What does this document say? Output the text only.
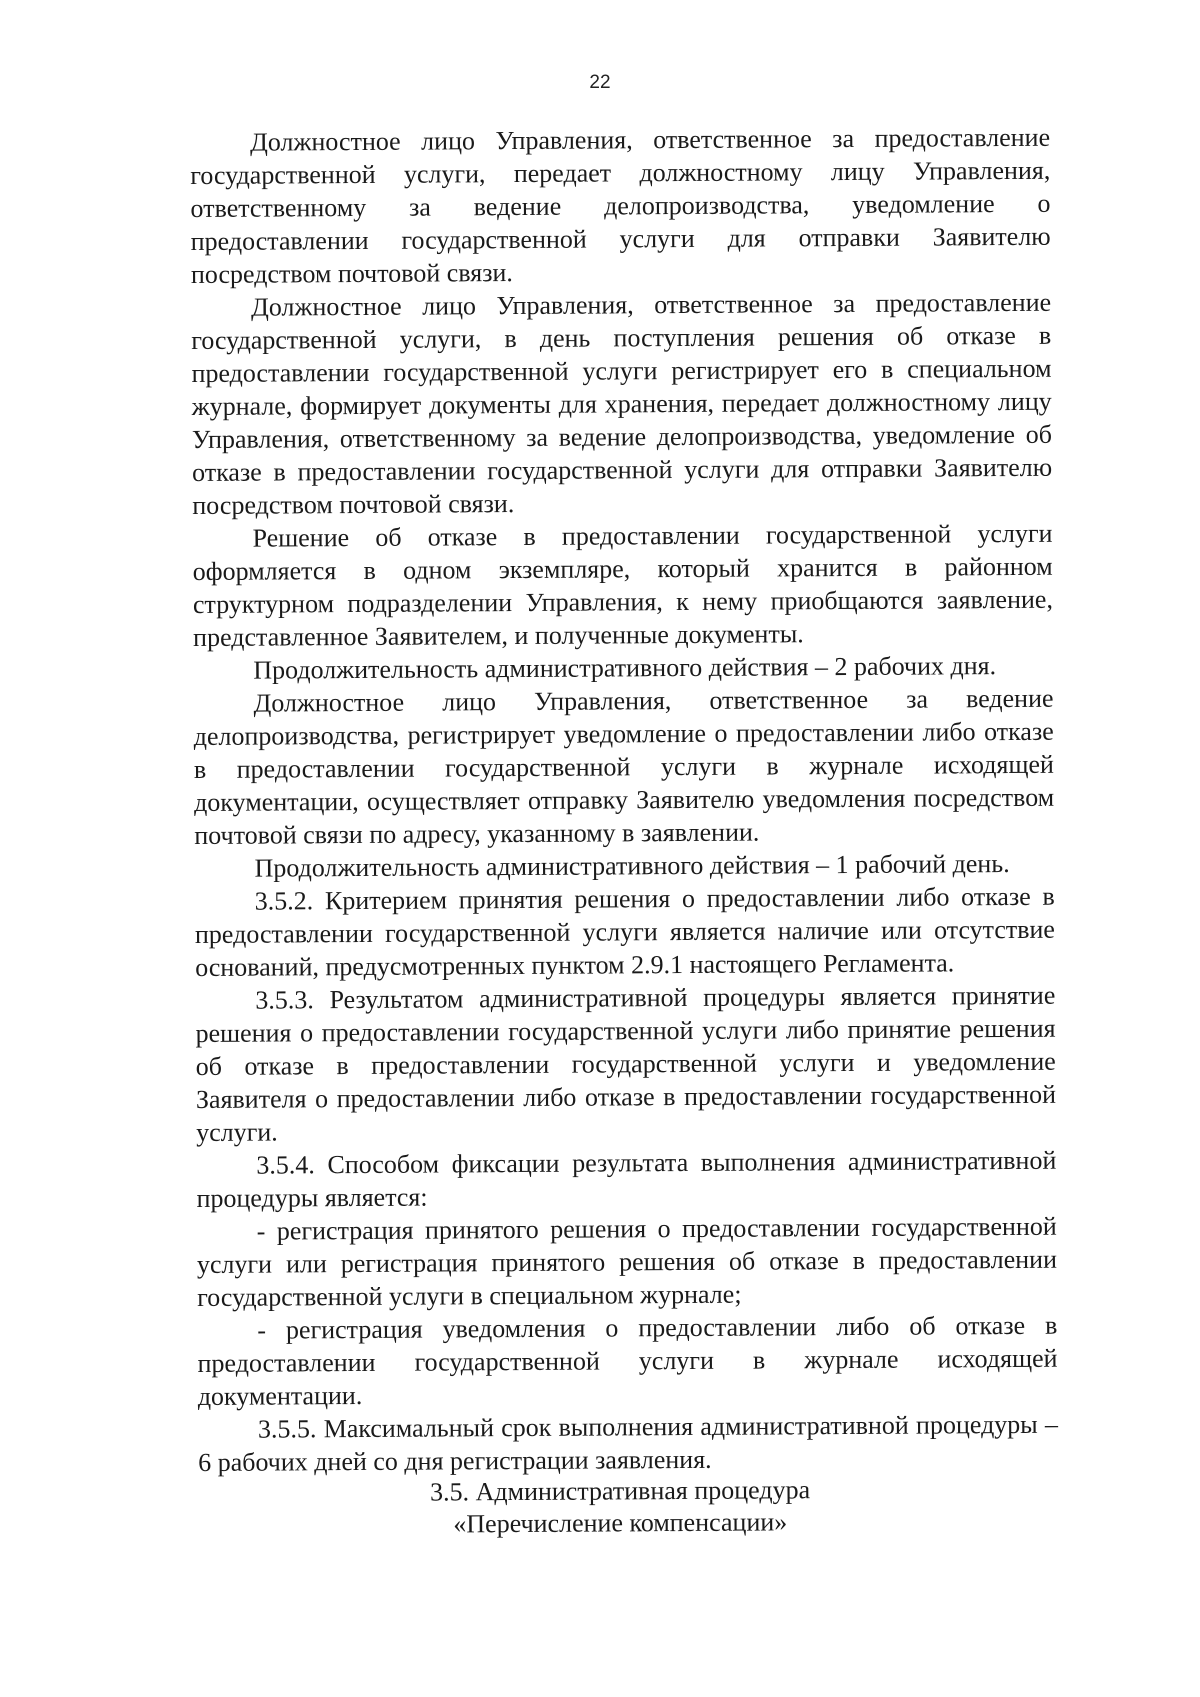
22

Должностное лицо Управления, ответственное за предоставление государственной услуги, передает должностному лицу Управления, ответственному за ведение делопроизводства, уведомление о предоставлении государственной услуги для отправки Заявителю посредством почтовой связи.

Должностное лицо Управления, ответственное за предоставление государственной услуги, в день поступления решения об отказе в предоставлении государственной услуги регистрирует его в специальном журнале, формирует документы для хранения, передает должностному лицу Управления, ответственному за ведение делопроизводства, уведомление об отказе в предоставлении государственной услуги для отправки Заявителю посредством почтовой связи.

Решение об отказе в предоставлении государственной услуги оформляется в одном экземпляре, который хранится в районном структурном подразделении Управления, к нему приобщаются заявление, представленное Заявителем, и полученные документы.

Продолжительность административного действия – 2 рабочих дня.

Должностное лицо Управления, ответственное за ведение делопроизводства, регистрирует уведомление о предоставлении либо отказе в предоставлении государственной услуги в журнале исходящей документации, осуществляет отправку Заявителю уведомления посредством почтовой связи по адресу, указанному в заявлении.

Продолжительность административного действия – 1 рабочий день.

3.5.2. Критерием принятия решения о предоставлении либо отказе в предоставлении государственной услуги является наличие или отсутствие оснований, предусмотренных пунктом 2.9.1 настоящего Регламента.

3.5.3. Результатом административной процедуры является принятие решения о предоставлении государственной услуги либо принятие решения об отказе в предоставлении государственной услуги и уведомление Заявителя о предоставлении либо отказе в предоставлении государственной услуги.

3.5.4. Способом фиксации результата выполнения административной процедуры является:

- регистрация принятого решения о предоставлении государственной услуги или регистрация принятого решения об отказе в предоставлении государственной услуги в специальном журнале;

- регистрация уведомления о предоставлении либо об отказе в предоставлении государственной услуги в журнале исходящей документации.

3.5.5. Максимальный срок выполнения административной процедуры – 6 рабочих дней со дня регистрации заявления.

3.5. Административная процедура
«Перечисление компенсации»
